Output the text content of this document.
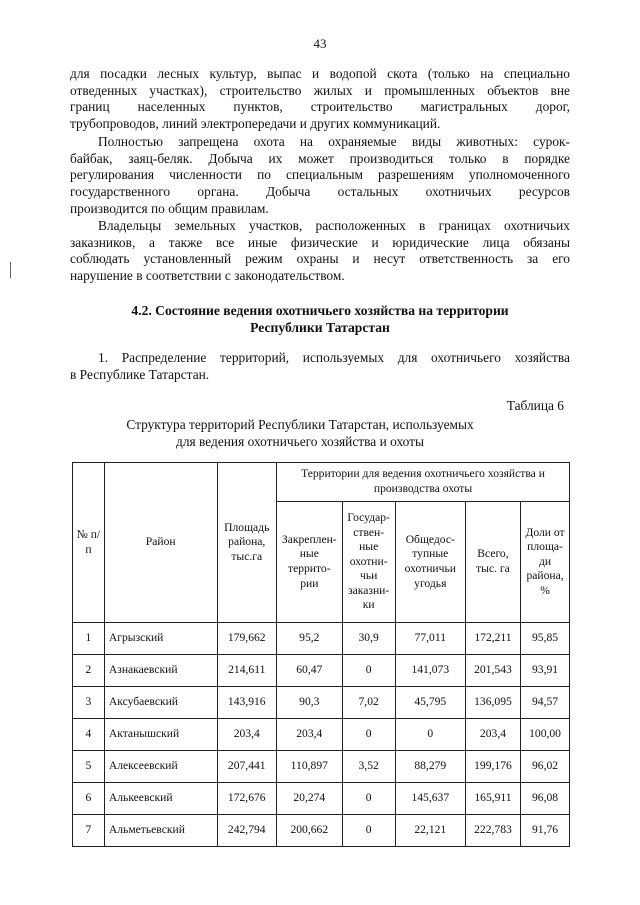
43
для посадки лесных культур, выпас и водопой скота (только на специально
отведенных участках), строительство жилых и промышленных объектов вне
границ населенных пунктов, строительство магистральных дорог,
трубопроводов, линий электропередачи и других коммуникаций.
Полностью запрещена охота на охраняемые виды животных: сурок-
байбак, заяц-беляк. Добыча их может производиться только в порядке
регулирования численности по специальным разрешениям уполномоченного
государственного органа. Добыча остальных охотничьих ресурсов
производится по общим правилам.
Владельцы земельных участков, расположенных в границах охотничьих
заказников, а также все иные физические и юридические лица обязаны
соблюдать установленный режим охраны и несут ответственность за его
нарушение в соответствии с законодательством.
4.2. Состояние ведения охотничьего хозяйства на территории
Республики Татарстан
1. Распределение территорий, используемых для охотничьего хозяйства
в Республике Татарстан.
Таблица 6
Структура территорий Республики Татарстан, используемых
для ведения охотничьего хозяйства и охоты
№ п/п	Район	Площадь района, тыс.га	Территории для ведения охотничьего хозяйства и производства охоты				
			Закреплен-ные террито-рии	Государ-ствен-ные охотни-чьи заказни-ки	Общедос-тупные охотничьи угодья	Всего, тыс. га	Доли от площа-ди района, %
1	Агрызский	179,662	95,2	30,9	77,011	172,211	95,85
2	Азнакаевский	214,611	60,47	0	141,073	201,543	93,91
3	Аксубаевский	143,916	90,3	7,02	45,795	136,095	94,57
4	Актанышский	203,4	203,4	0	0	203,4	100,00
5	Алексеевский	207,441	110,897	3,52	88,279	199,176	96,02
6	Алькеевский	172,676	20,274	0	145,637	165,911	96,08
7	Альметьевский	242,794	200,662	0	22,121	222,783	91,76
